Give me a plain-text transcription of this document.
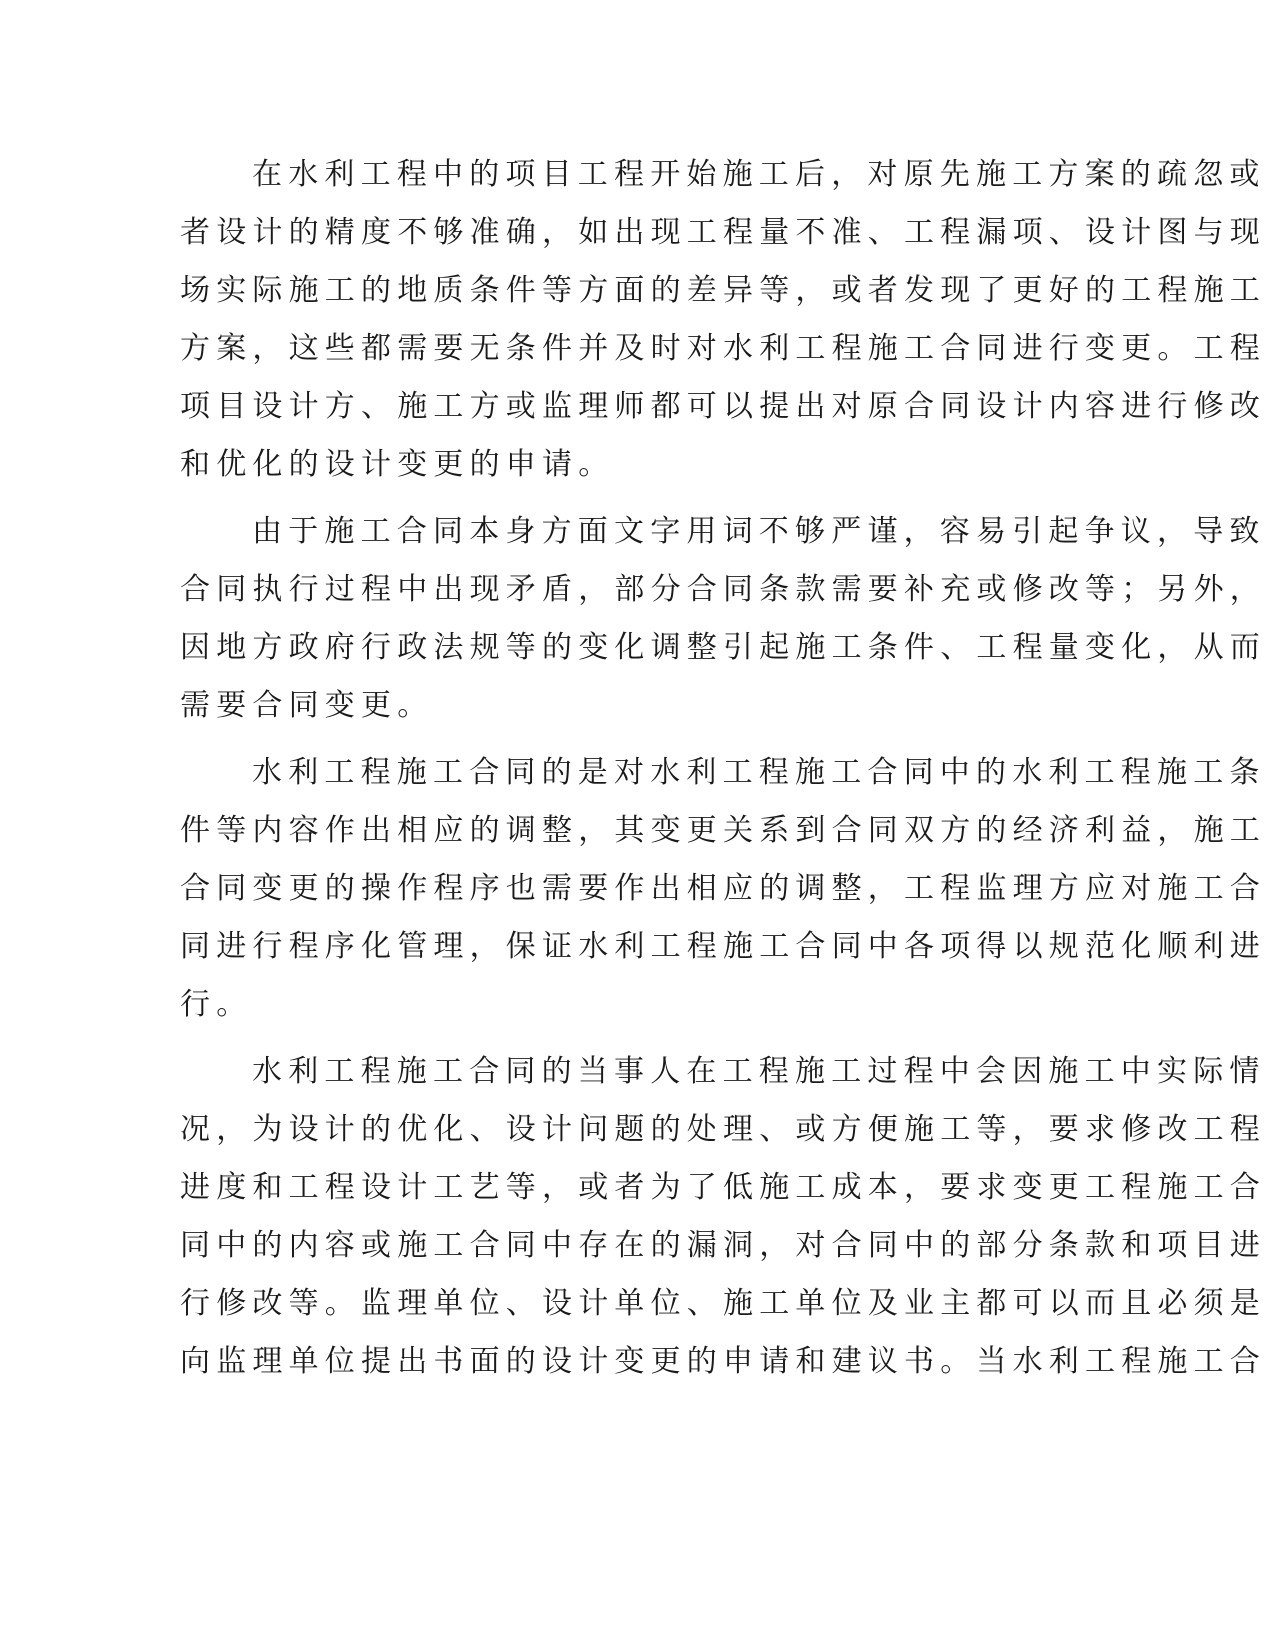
在水利工程中的项目工程开始施工后，对原先施工方案的疏忽或
者设计的精度不够准确，如出现工程量不准、工程漏项、设计图与现
场实际施工的地质条件等方面的差异等，或者发现了更好的工程施工
方案，这些都需要无条件并及时对水利工程施工合同进行变更。工程
项目设计方、施工方或监理师都可以提出对原合同设计内容进行修改
和优化的设计变更的申请。
由于施工合同本身方面文字用词不够严谨，容易引起争议，导致
合同执行过程中出现矛盾，部分合同条款需要补充或修改等；另外，
因地方政府行政法规等的变化调整引起施工条件、工程量变化，从而
需要合同变更。
水利工程施工合同的是对水利工程施工合同中的水利工程施工条
件等内容作出相应的调整，其变更关系到合同双方的经济利益，施工
合同变更的操作程序也需要作出相应的调整，工程监理方应对施工合
同进行程序化管理，保证水利工程施工合同中各项得以规范化顺利进
行。
水利工程施工合同的当事人在工程施工过程中会因施工中实际情
况，为设计的优化、设计问题的处理、或方便施工等，要求修改工程
进度和工程设计工艺等，或者为了低施工成本，要求变更工程施工合
同中的内容或施工合同中存在的漏洞，对合同中的部分条款和项目进
行修改等。监理单位、设计单位、施工单位及业主都可以而且必须是
向监理单位提出书面的设计变更的申请和建议书。当水利工程施工合
